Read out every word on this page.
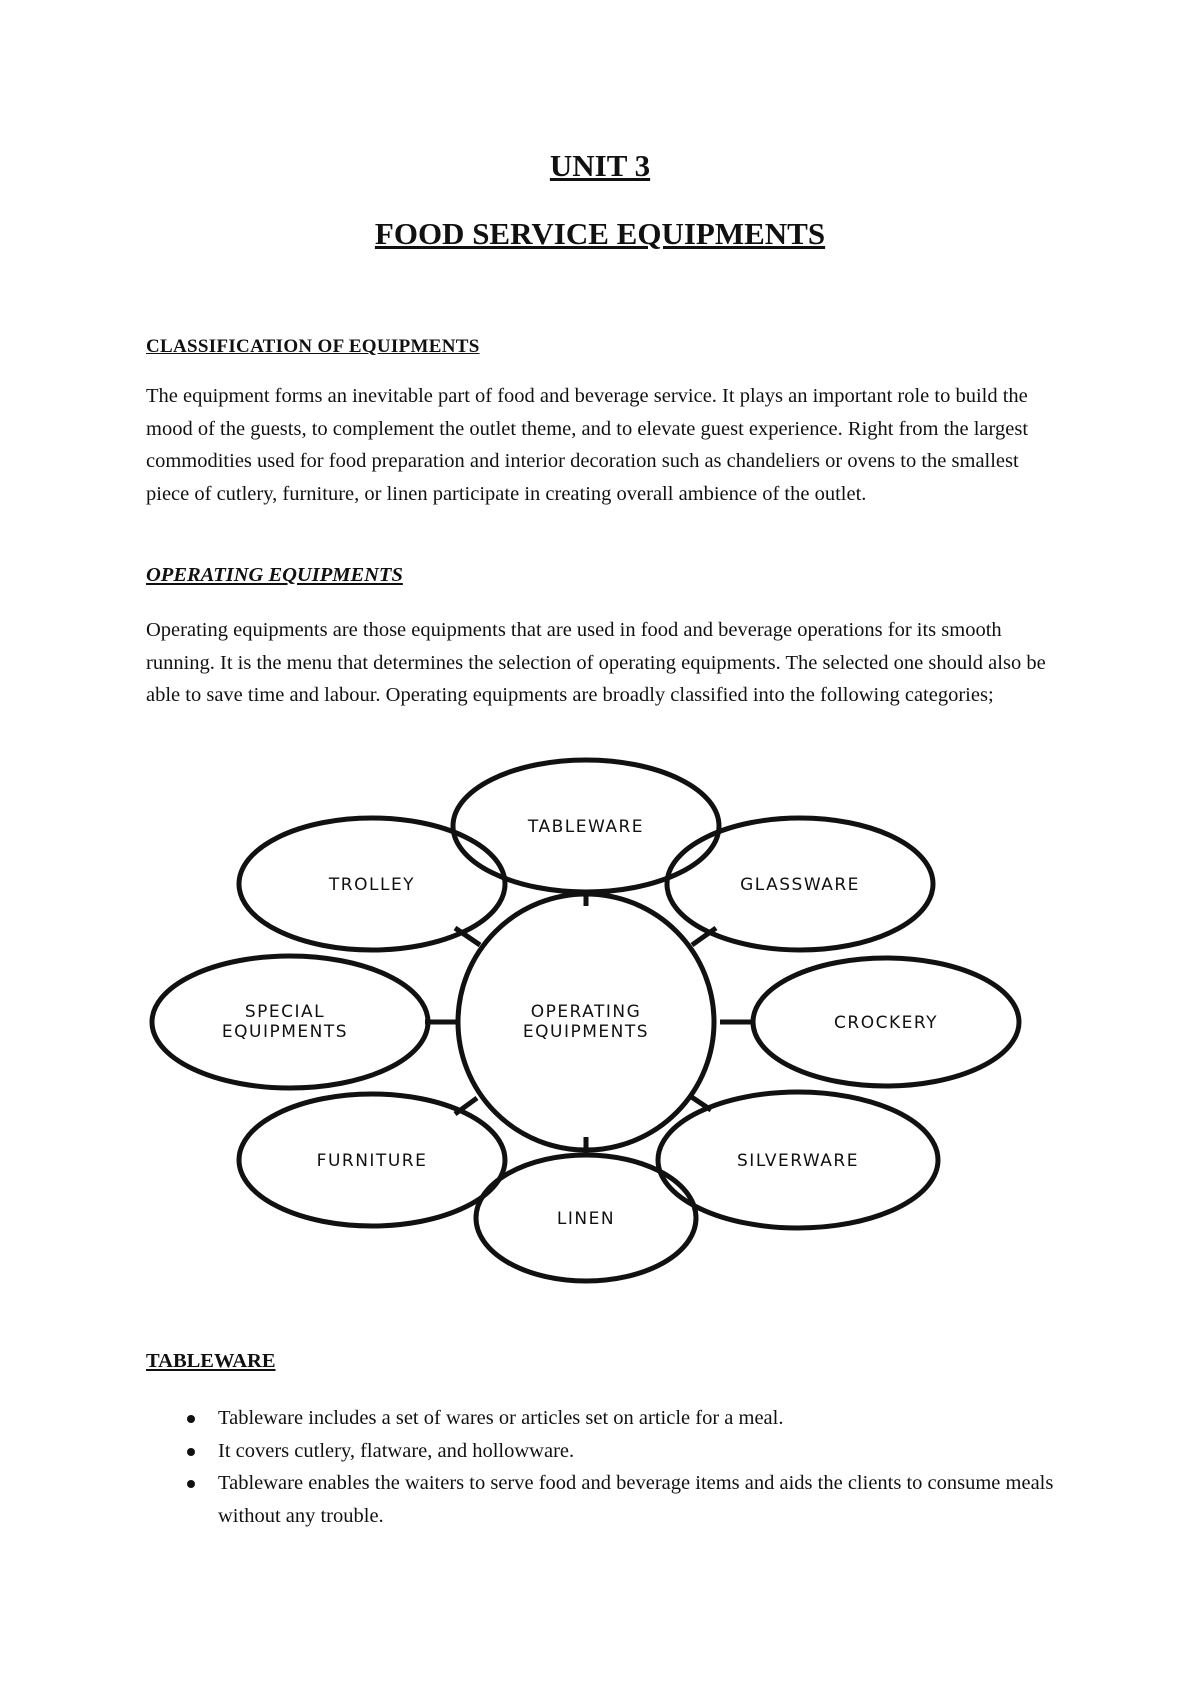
UNIT 3
FOOD SERVICE EQUIPMENTS
CLASSIFICATION OF EQUIPMENTS

The equipment forms an inevitable part of food and beverage service. It plays an important role to build the mood of the guests, to complement the outlet theme, and to elevate guest experience. Right from the largest commodities used for food preparation and interior decoration such as chandeliers or ovens to the smallest piece of cutlery, furniture, or linen participate in creating overall ambience of the outlet.

OPERATING EQUIPMENTS

Operating equipments are those equipments that are used in food and beverage operations for its smooth running. It is the menu that determines the selection of operating equipments. The selected one should also be able to save time and labour. Operating equipments are broadly classified into the following categories;

OPERATING
EQUIPMENTS
TABLEWARE
TROLLEY	GLASSWARE
SPECIAL
EQUIPMENTS	CROCKERY
FURNITURE	SILVERWARE
LINEN
TABLEWARE
Tableware includes a set of wares or articles set on article for a meal.
It covers cutlery, flatware, and hollowware.
Tableware enables the waiters to serve food and beverage items and aids the clients to consume meals without any trouble.
